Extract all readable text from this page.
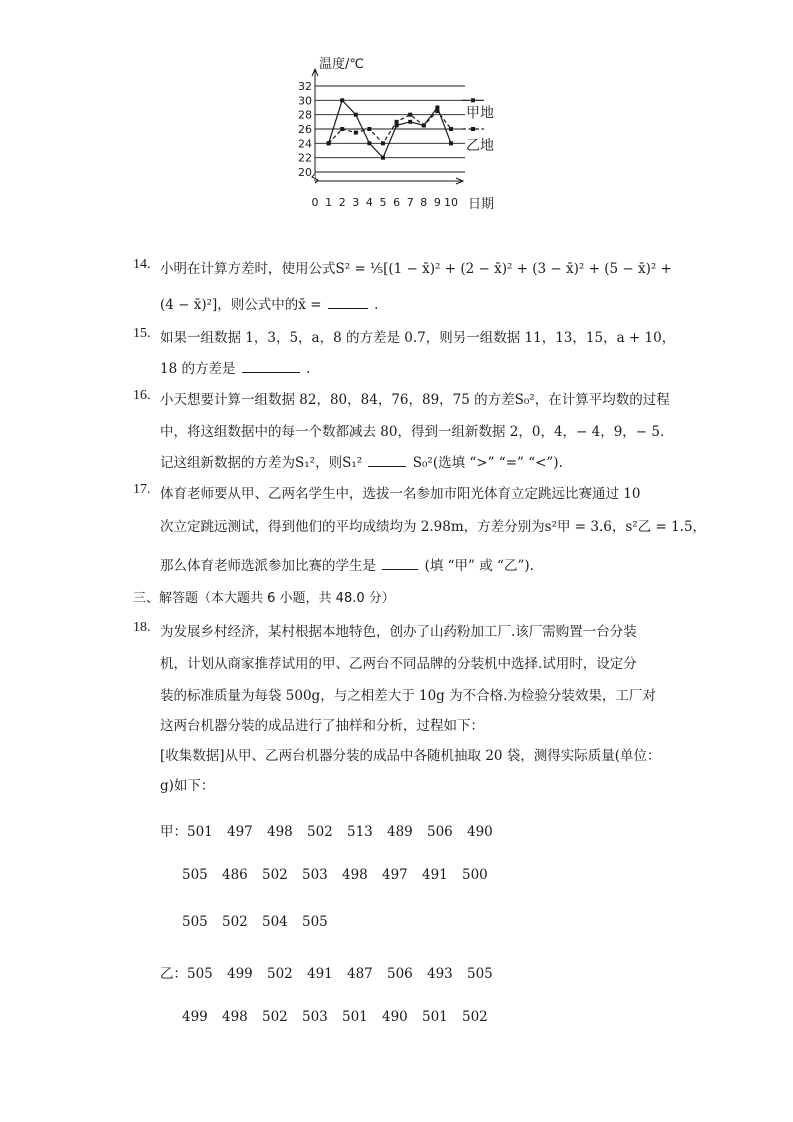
20
22
24
26
28
30
32
0 1 2 3 4 5 6 7 8 9 10
温度/℃
日期
甲地
乙地
14. 小明在计算方差时，使用公式S² = ⅕[(1 − x̄)² + (2 − x̄)² + (3 − x̄)² + (5 − x̄)² +
(4 − x̄)²]，则公式中的x̄ =	.
15. 如果一组数据 1，3，5，a，8 的方差是 0.7，则另一组数据 11，13，15，a + 10，
18 的方差是	.
16. 小天想要计算一组数据 82，80，84，76，89，75 的方差S₀²，在计算平均数的过程
中，将这组数据中的每一个数都减去 80，得到一组新数据 2，0，4，− 4，9，− 5.
记这组新数据的方差为S₁²，则S₁²	S₀²(选填 “>” “=” “<”).
17. 体育老师要从甲、乙两名学生中，选拔一名参加市阳光体育立定跳远比赛通过 10
次立定跳远测试，得到他们的平均成绩均为 2.98m，方差分别为s²甲 = 3.6，s²乙 = 1.5，
那么体育老师选派参加比赛的学生是	(填 “甲” 或 “乙”).
三、解答题（本大题共 6 小题，共 48.0 分）
18. 为发展乡村经济，某村根据本地特色，创办了山药粉加工厂.该厂需购置一台分装
机，计划从商家推荐试用的甲、乙两台不同品牌的分装机中选择.试用时，设定分
装的标准质量为每袋 500g，与之相差大于 10g 为不合格.为检验分装效果，工厂对
这两台机器分装的成品进行了抽样和分析，过程如下：
[收集数据]从甲、乙两台机器分装的成品中各随机抽取 20 袋，测得实际质量(单位：
g)如下：
甲：501 497 498 502 513 489 506 490
505 486 502 503 498 497 491 500
505 502 504 505
乙：505 499 502 491 487 506 493 505
499 498 502 503 501 490 501 502
